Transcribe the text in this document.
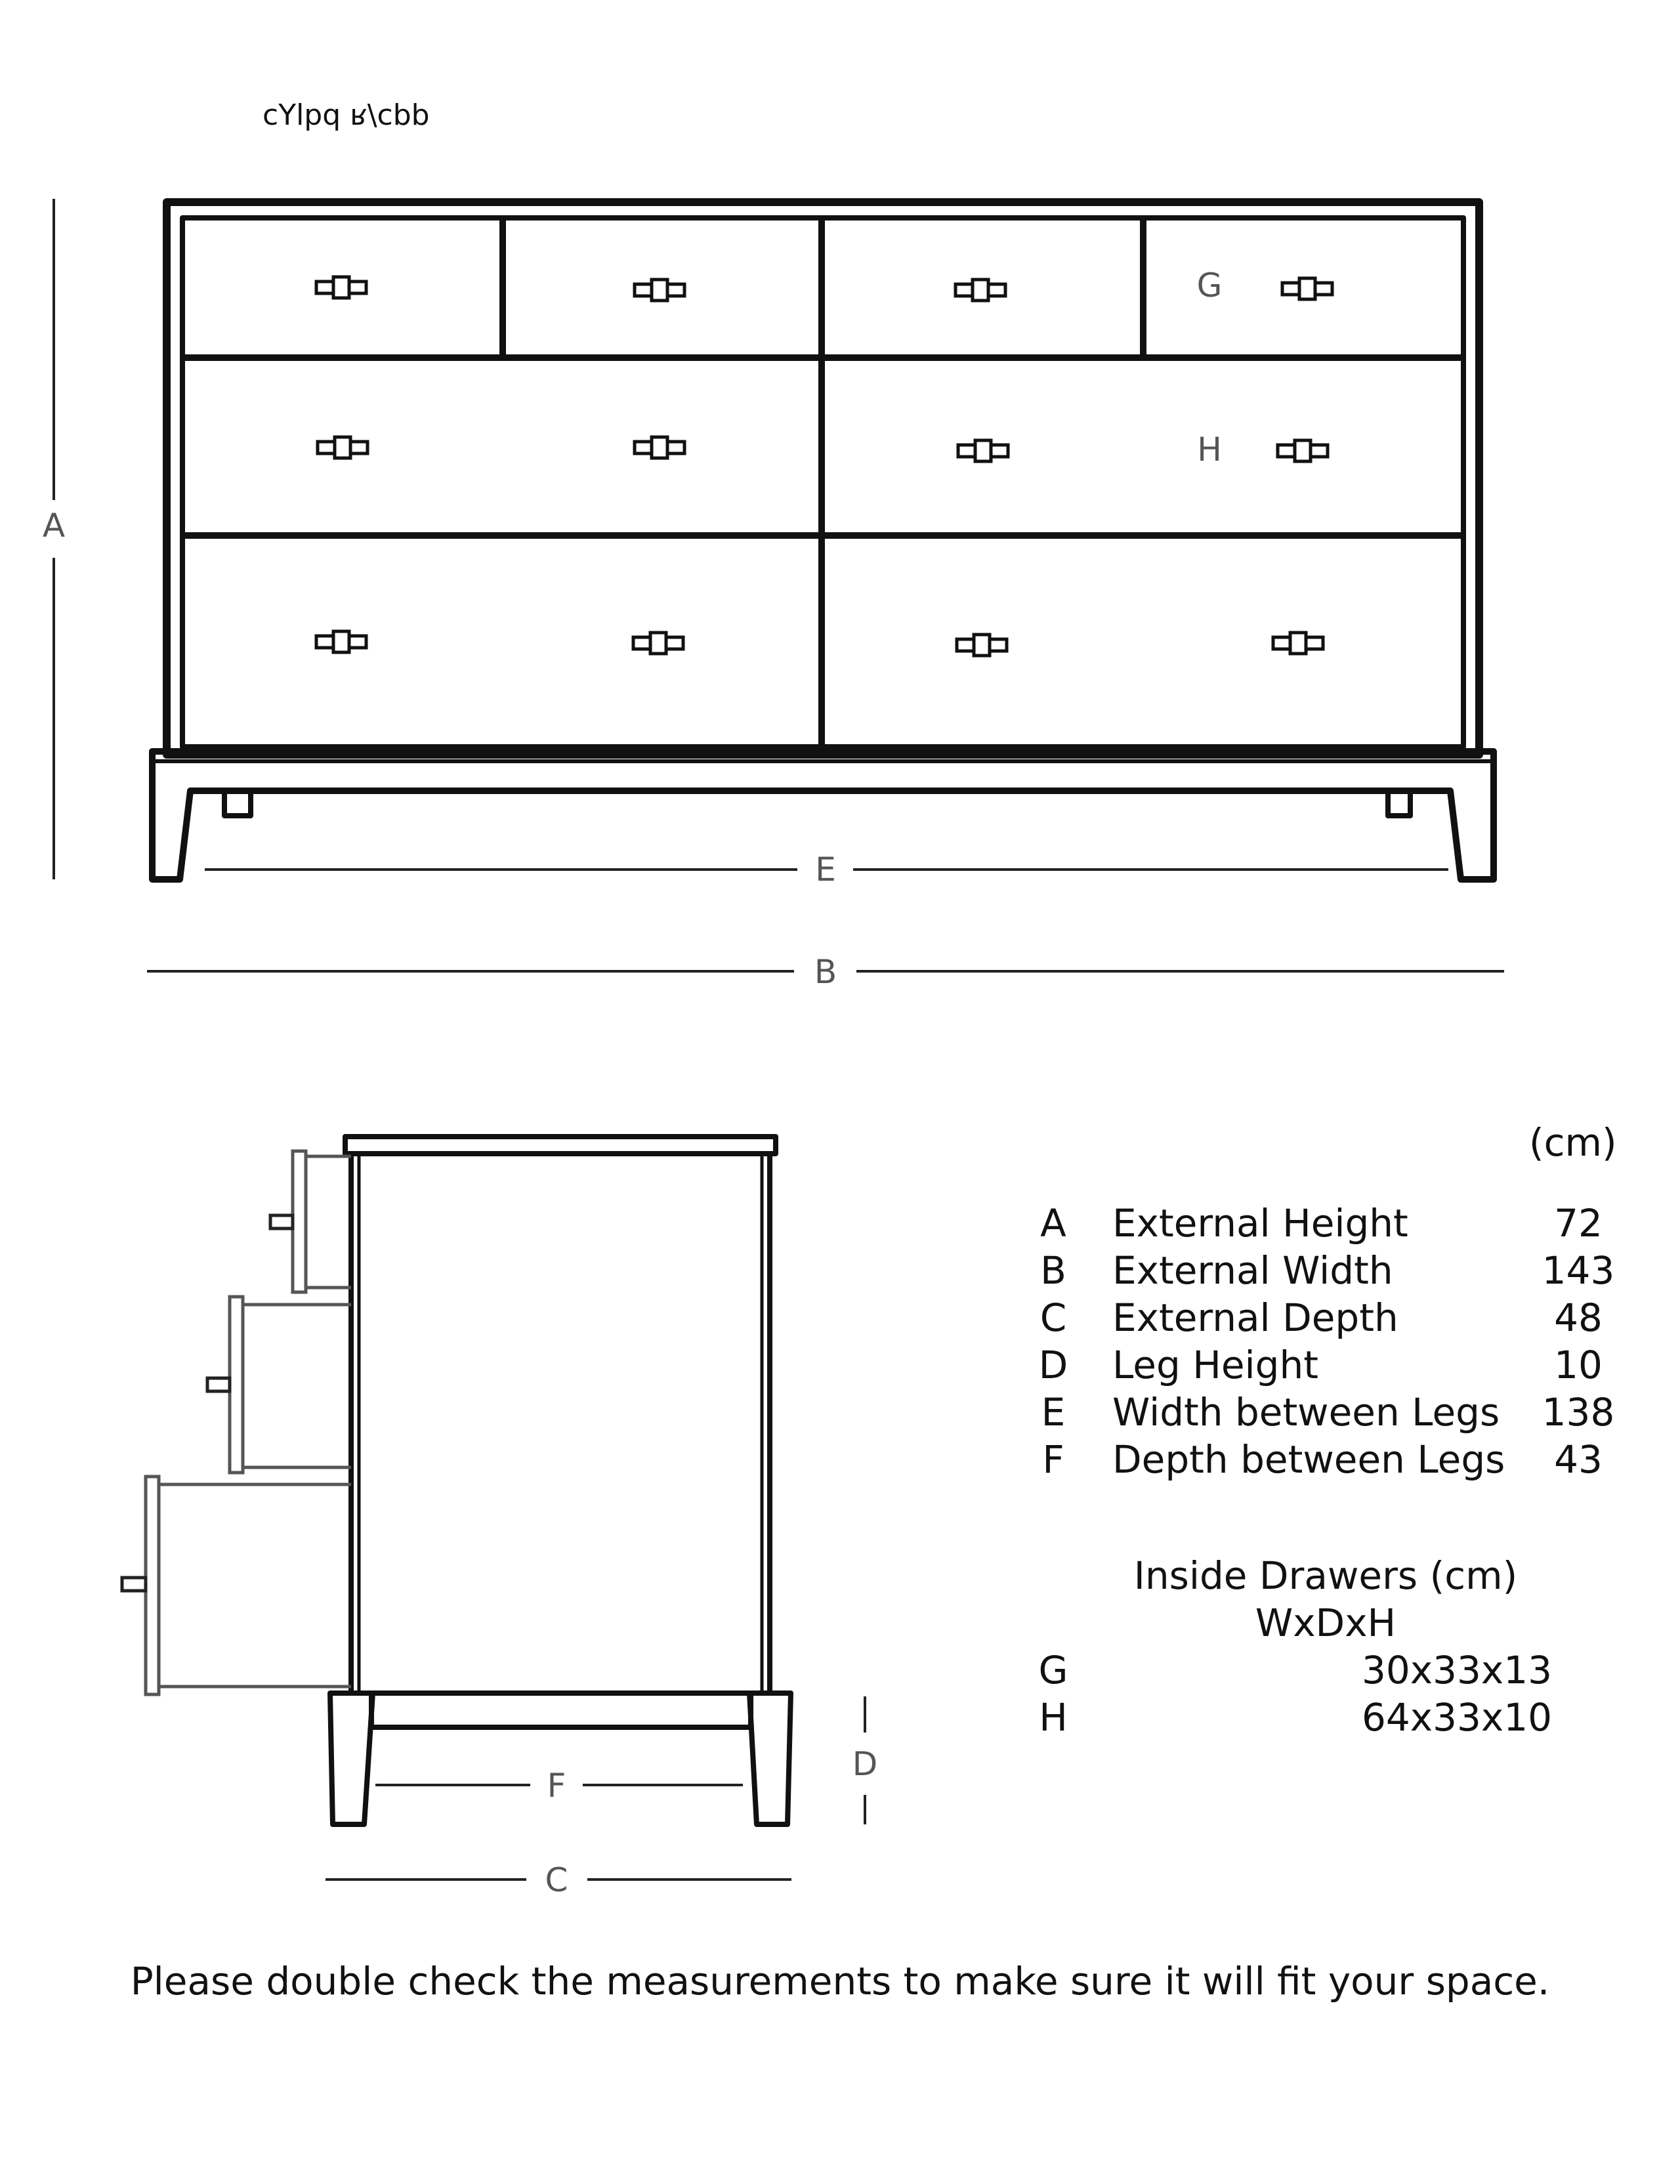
cYlpq ʁ\cbb
G
H
A
E
B
F
C
D
(cm)
A External Height	72
B External Width	143
C External Depth	48
D Leg Height	10
E Width between Legs 138
F Depth between Legs	43
Inside Drawers (cm)
WxDxH
G	30x33x13
H	64x33x10
Please double check the measurements to make sure it will fit your space.
